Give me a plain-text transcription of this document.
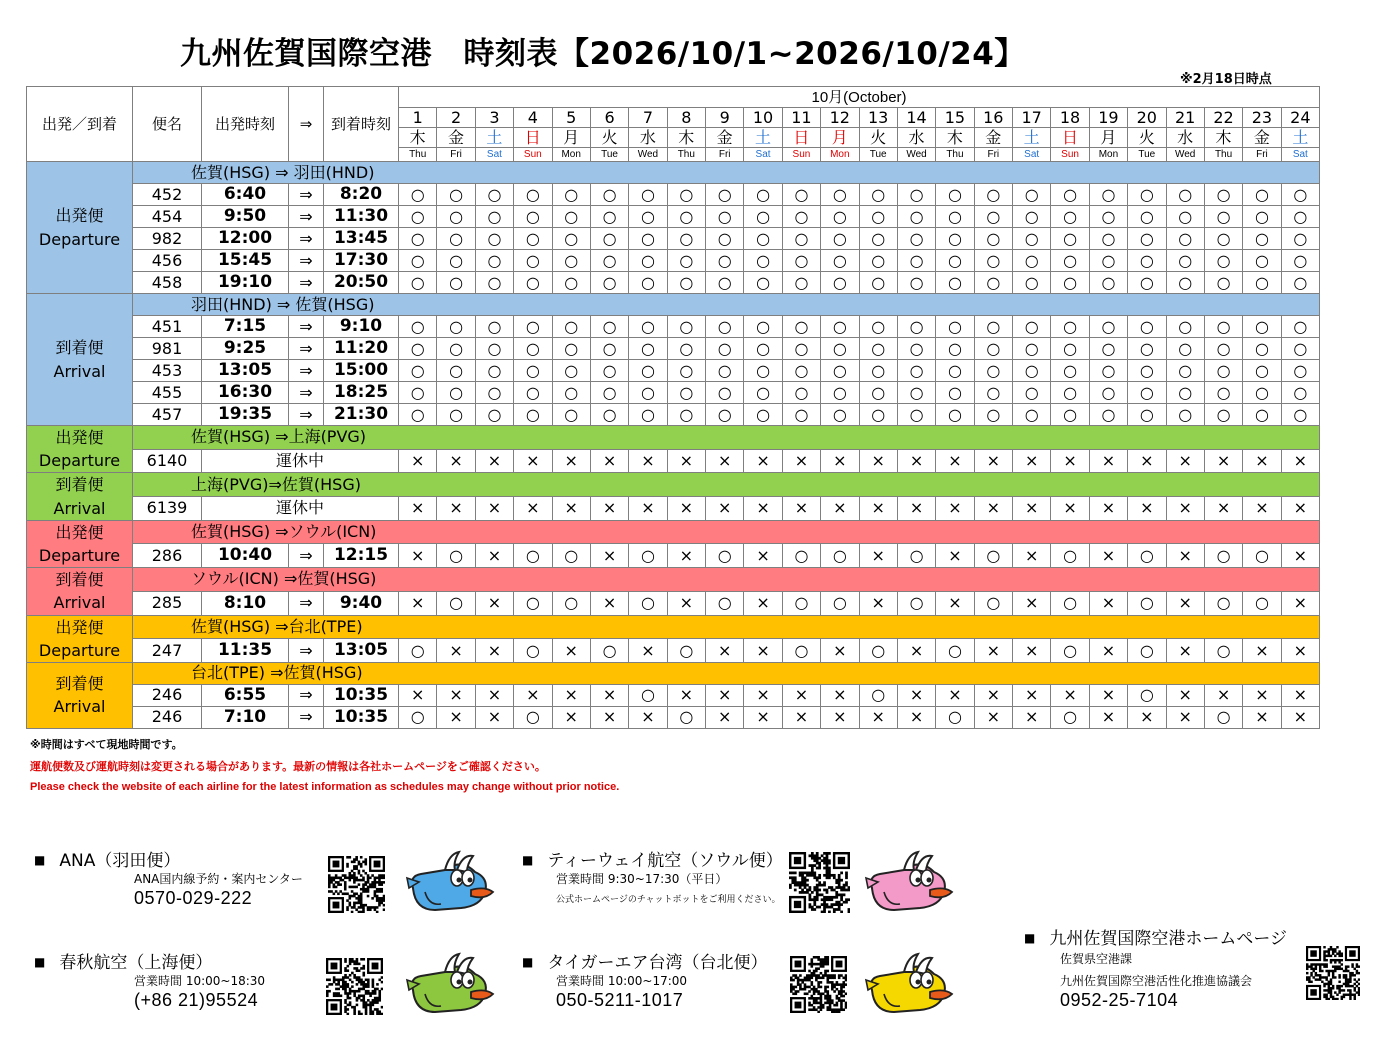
九州佐賀国際空港　時刻表【2026/10/1~2026/10/24】
※2月18日時点
出発／到着	便名	出発時刻	⇒	到着時刻	10月(October)																							
					1	2	3	4	5	6	7	8	9	10	11	12	13	14	15	16	17	18	19	20	21	22	23	24
					木	金	土	日	月	火	水	木	金	土	日	月	火	水	木	金	土	日	月	火	水	木	金	土
					Thu	Fri	Sat	Sun	Mon	Tue	Wed	Thu	Fri	Sat	Sun	Mon	Tue	Wed	Thu	Fri	Sat	Sun	Mon	Tue	Wed	Thu	Fri	Sat
出発便
Departure	佐賀(HSG) ⇒ 羽田(HND)																											
	452	6:40	⇒	8:20	○	○	○	○	○	○	○	○	○	○	○	○	○	○	○	○	○	○	○	○	○	○	○	○
	454	9:50	⇒	11:30	○	○	○	○	○	○	○	○	○	○	○	○	○	○	○	○	○	○	○	○	○	○	○	○
	982	12:00	⇒	13:45	○	○	○	○	○	○	○	○	○	○	○	○	○	○	○	○	○	○	○	○	○	○	○	○
	456	15:45	⇒	17:30	○	○	○	○	○	○	○	○	○	○	○	○	○	○	○	○	○	○	○	○	○	○	○	○
	458	19:10	⇒	20:50	○	○	○	○	○	○	○	○	○	○	○	○	○	○	○	○	○	○	○	○	○	○	○	○
到着便
Arrival	羽田(HND) ⇒ 佐賀(HSG)																											
	451	7:15	⇒	9:10	○	○	○	○	○	○	○	○	○	○	○	○	○	○	○	○	○	○	○	○	○	○	○	○
	981	9:25	⇒	11:20	○	○	○	○	○	○	○	○	○	○	○	○	○	○	○	○	○	○	○	○	○	○	○	○
	453	13:05	⇒	15:00	○	○	○	○	○	○	○	○	○	○	○	○	○	○	○	○	○	○	○	○	○	○	○	○
	455	16:30	⇒	18:25	○	○	○	○	○	○	○	○	○	○	○	○	○	○	○	○	○	○	○	○	○	○	○	○
	457	19:35	⇒	21:30	○	○	○	○	○	○	○	○	○	○	○	○	○	○	○	○	○	○	○	○	○	○	○	○
出発便
Departure	佐賀(HSG) ⇒上海(PVG)																											
	6140	運休中			×	×	×	×	×	×	×	×	×	×	×	×	×	×	×	×	×	×	×	×	×	×	×	×
到着便
Arrival	上海(PVG)⇒佐賀(HSG)																											
	6139	運休中			×	×	×	×	×	×	×	×	×	×	×	×	×	×	×	×	×	×	×	×	×	×	×	×
出発便
Departure	佐賀(HSG) ⇒ソウル(ICN)																											
	286	10:40	⇒	12:15	×	○	×	○	○	×	○	×	○	×	○	○	×	○	×	○	×	○	×	○	×	○	○	×
到着便
Arrival	ソウル(ICN) ⇒佐賀(HSG)																											
	285	8:10	⇒	9:40	×	○	×	○	○	×	○	×	○	×	○	○	×	○	×	○	×	○	×	○	×	○	○	×
出発便
Departure	佐賀(HSG) ⇒台北(TPE)																											
	247	11:35	⇒	13:05	○	×	×	○	×	○	×	○	×	×	○	×	○	×	○	×	×	○	×	○	×	○	×	×
到着便
Arrival	台北(TPE) ⇒佐賀(HSG)																											
	246	6:55	⇒	10:35	×	×	×	×	×	×	○	×	×	×	×	×	○	×	×	×	×	×	×	○	×	×	×	×
	246	7:10	⇒	10:35	○	×	×	○	×	×	×	○	×	×	×	×	×	×	○	×	×	○	×	×	×	○	×	×
※時間はすべて現地時間です。
運航便数及び運航時刻は変更される場合があります。最新の情報は各社ホームページをご確認ください。
Please check the website of each airline for the latest information as schedules may change without prior notice.
■ ANA（羽田便）
ANA国内線予約・案内センター
0570-029-222
■ ティーウェイ航空（ソウル便）
営業時間 9:30~17:30（平日）
公式ホームページのチャットボットをご利用ください。
■ 春秋航空（上海便）
営業時間 10:00~18:30
(+86 21)95524
■ タイガーエア台湾（台北便）
営業時間 10:00~17:00
050-5211-1017
■ 九州佐賀国際空港ホームページ
佐賀県空港課
九州佐賀国際空港活性化推進協議会
0952-25-7104
